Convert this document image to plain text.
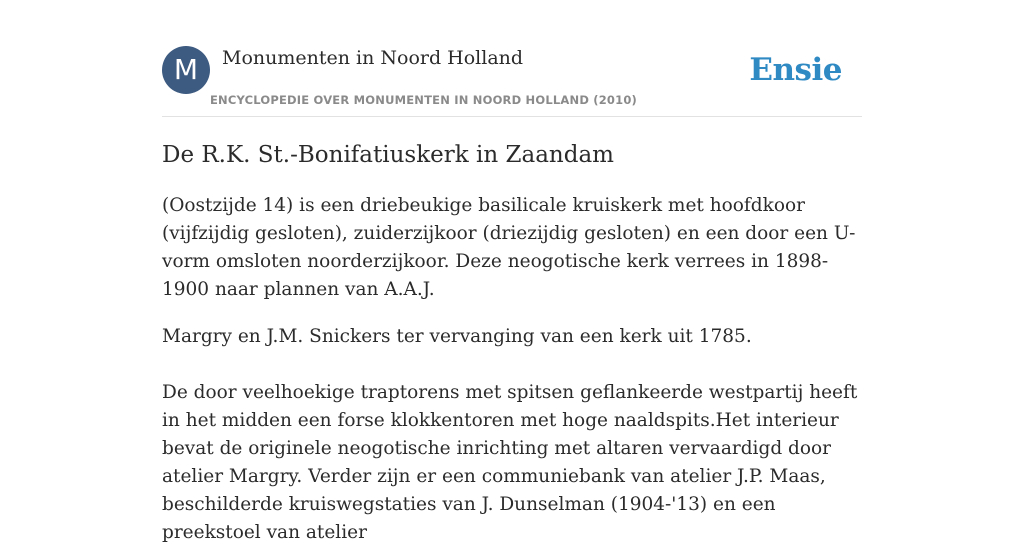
M	Monumenten in Noord Holland
ENCYCLOPEDIE OVER MONUMENTEN IN NOORD HOLLAND (2010)
Ensie
De R.K. St.-Bonifatiuskerk in Zaandam

(Oostzijde 14) is een driebeukige basilicale kruiskerk met hoofdkoor (vijfzijdig gesloten), zuiderzijkoor (driezijdig gesloten) en een door een U-vorm omsloten noorderzijkoor. Deze neogotische kerk verrees in 1898-1900 naar plannen van A.A.J.

Margry en J.M. Snickers ter vervanging van een kerk uit 1785.

De door veelhoekige traptorens met spitsen geflankeerde westpartij heeft in het midden een forse klokkentoren met hoge naaldspits.Het interieur bevat de originele neogotische inrichting met altaren vervaardigd door atelier Margry. Verder zijn er een communiebank van atelier J.P. Maas, beschilderde kruiswegstaties van J. Dunselman (1904-'13) en een preekstoel van atelier
